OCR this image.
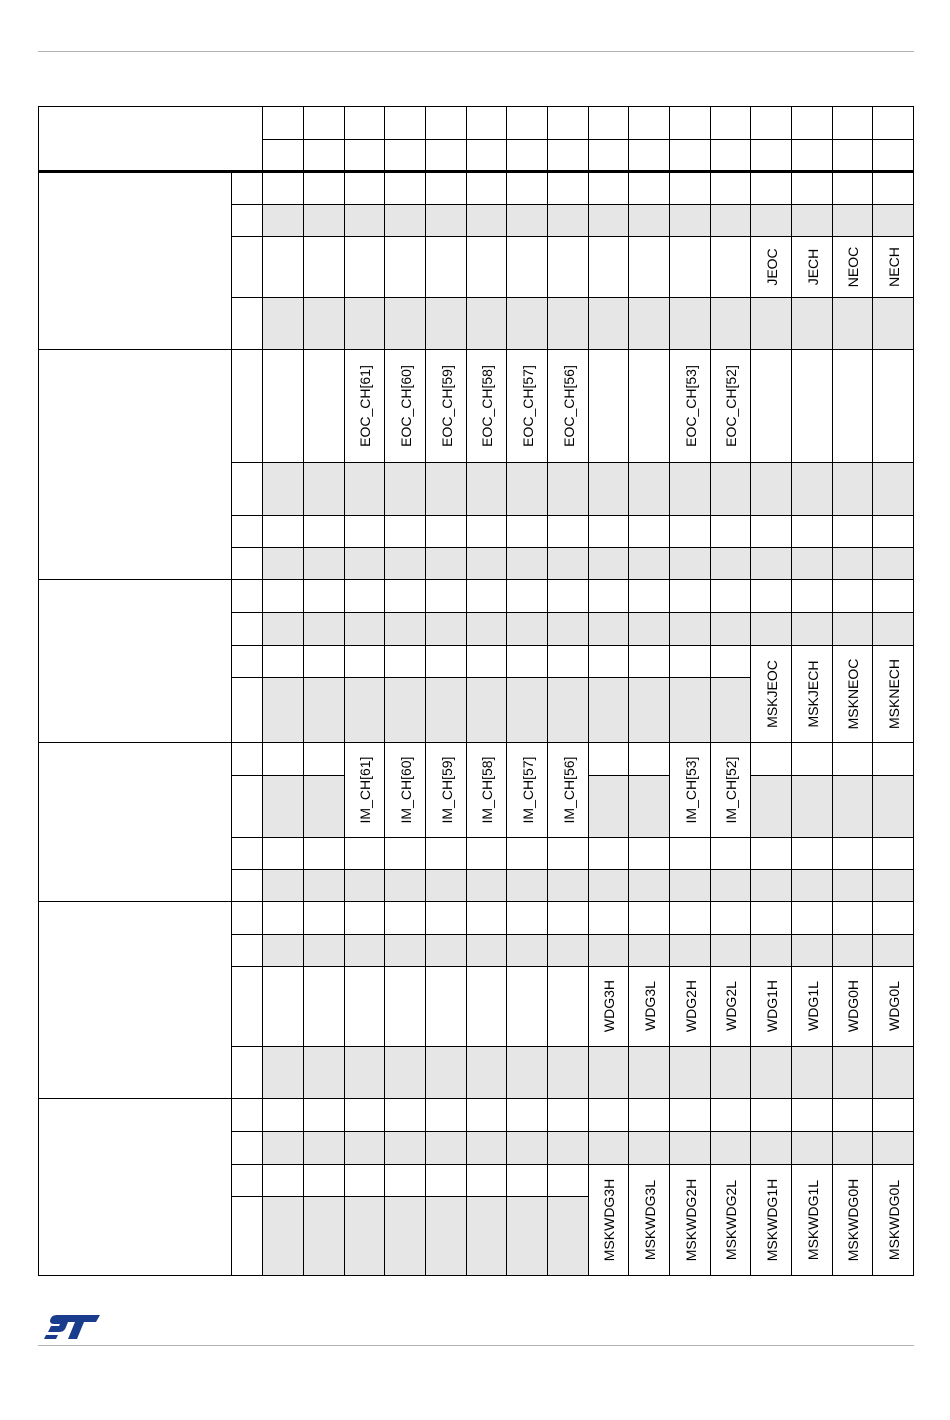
JEOC JECH NEOC NECH
EOC_CH[61] EOC_CH[60] EOC_CH[59] EOC_CH[58] EOC_CH[57] EOC_CH[56]	EOC_CH[53] EOC_CH[52]
MSKJEOC MSKJECH MSKNEOC MSKNECH
IM_CH[61] IM_CH[60] IM_CH[59] IM_CH[58] IM_CH[57] IM_CH[56]	IM_CH[53] IM_CH[52]
WDG3H WDG3L WDG2H WDG2L WDG1H WDG1L WDG0H WDG0L
MSKWDG3H MSKWDG3L MSKWDG2H MSKWDG2L MSKWDG1H MSKWDG1L MSKWDG0H MSKWDG0L
